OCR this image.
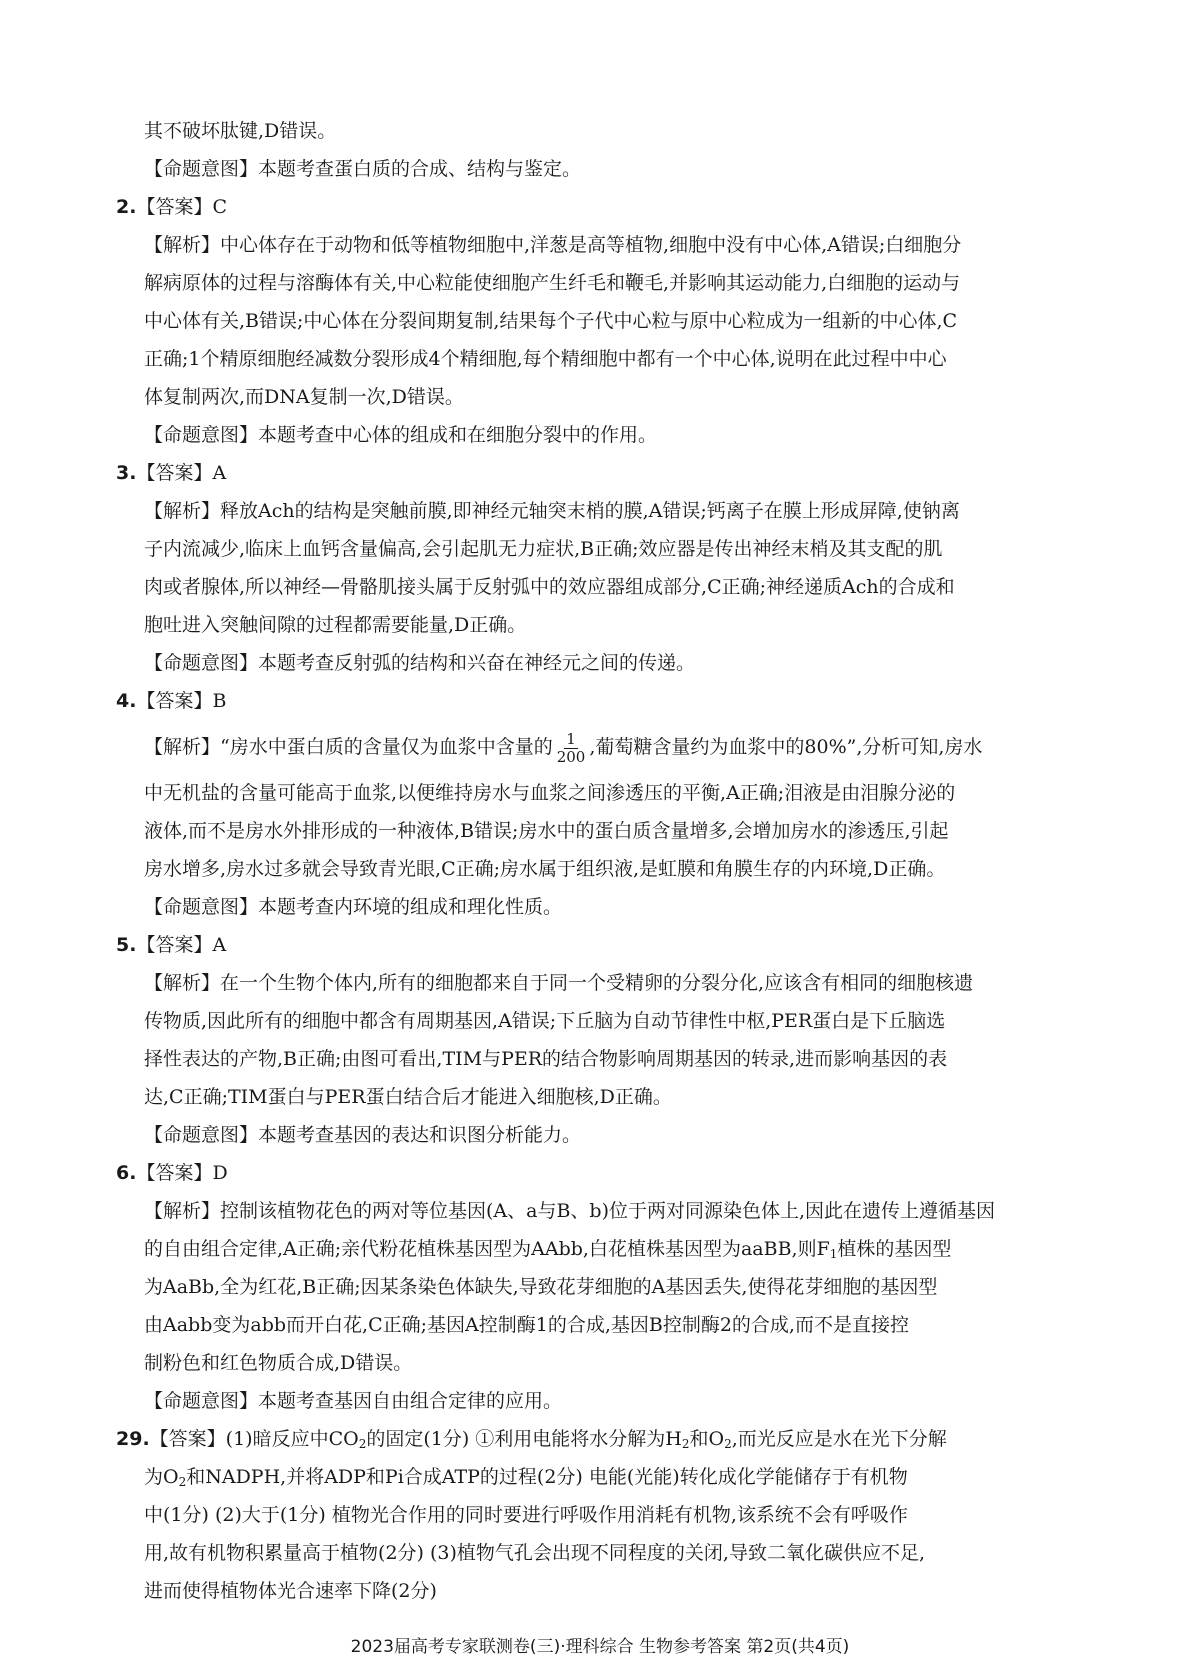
其不破坏肽键,D错误。
【命题意图】本题考查蛋白质的合成、结构与鉴定。
2.【答案】C
【解析】中心体存在于动物和低等植物细胞中,洋葱是高等植物,细胞中没有中心体,A错误;白细胞分
解病原体的过程与溶酶体有关,中心粒能使细胞产生纤毛和鞭毛,并影响其运动能力,白细胞的运动与
中心体有关,B错误;中心体在分裂间期复制,结果每个子代中心粒与原中心粒成为一组新的中心体,C
正确;1个精原细胞经减数分裂形成4个精细胞,每个精细胞中都有一个中心体,说明在此过程中中心
体复制两次,而DNA复制一次,D错误。
【命题意图】本题考查中心体的组成和在细胞分裂中的作用。
3.【答案】A
【解析】释放Ach的结构是突触前膜,即神经元轴突末梢的膜,A错误;钙离子在膜上形成屏障,使钠离
子内流减少,临床上血钙含量偏高,会引起肌无力症状,B正确;效应器是传出神经末梢及其支配的肌
肉或者腺体,所以神经—骨骼肌接头属于反射弧中的效应器组成部分,C正确;神经递质Ach的合成和
胞吐进入突触间隙的过程都需要能量,D正确。
【命题意图】本题考查反射弧的结构和兴奋在神经元之间的传递。
4.【答案】B
【解析】“房水中蛋白质的含量仅为血浆中含量的 $\frac{1}{200}$ ,葡萄糖含量约为血浆中的80%”,分析可知,房水
中无机盐的含量可能高于血浆,以便维持房水与血浆之间渗透压的平衡,A正确;泪液是由泪腺分泌的
液体,而不是房水外排形成的一种液体,B错误;房水中的蛋白质含量增多,会增加房水的渗透压,引起
房水增多,房水过多就会导致青光眼,C正确;房水属于组织液,是虹膜和角膜生存的内环境,D正确。
【命题意图】本题考查内环境的组成和理化性质。
5.【答案】A
【解析】在一个生物个体内,所有的细胞都来自于同一个受精卵的分裂分化,应该含有相同的细胞核遗
传物质,因此所有的细胞中都含有周期基因,A错误;下丘脑为自动节律性中枢,PER蛋白是下丘脑选
择性表达的产物,B正确;由图可看出,TIM与PER的结合物影响周期基因的转录,进而影响基因的表
达,C正确;TIM蛋白与PER蛋白结合后才能进入细胞核,D正确。
【命题意图】本题考查基因的表达和识图分析能力。
6.【答案】D
【解析】控制该植物花色的两对等位基因(A、a与B、b)位于两对同源染色体上,因此在遗传上遵循基因
的自由组合定律,A正确;亲代粉花植株基因型为AAbb,白花植株基因型为aaBB,则$F_1$植株的基因型
为AaBb,全为红花,B正确;因某条染色体缺失,导致花芽细胞的A基因丢失,使得花芽细胞的基因型
由Aabb变为abb而开白花,C正确;基因A控制酶1的合成,基因B控制酶2的合成,而不是直接控
制粉色和红色物质合成,D错误。
【命题意图】本题考查基因自由组合定律的应用。
29.【答案】(1)暗反应中$CO_2$的固定(1分) ①利用电能将水分解为$H_2$和$O_2$,而光反应是水在光下分解
为$O_2$和NADPH,并将ADP和Pi合成ATP的过程(2分) 电能(光能)转化成化学能储存于有机物
中(1分) (2)大于(1分) 植物光合作用的同时要进行呼吸作用消耗有机物,该系统不会有呼吸作
用,故有机物积累量高于植物(2分) (3)植物气孔会出现不同程度的关闭,导致二氧化碳供应不足,
进而使得植物体光合速率下降(2分)
2023届高考专家联测卷(三)·理科综合 生物参考答案 第2页(共4页)
